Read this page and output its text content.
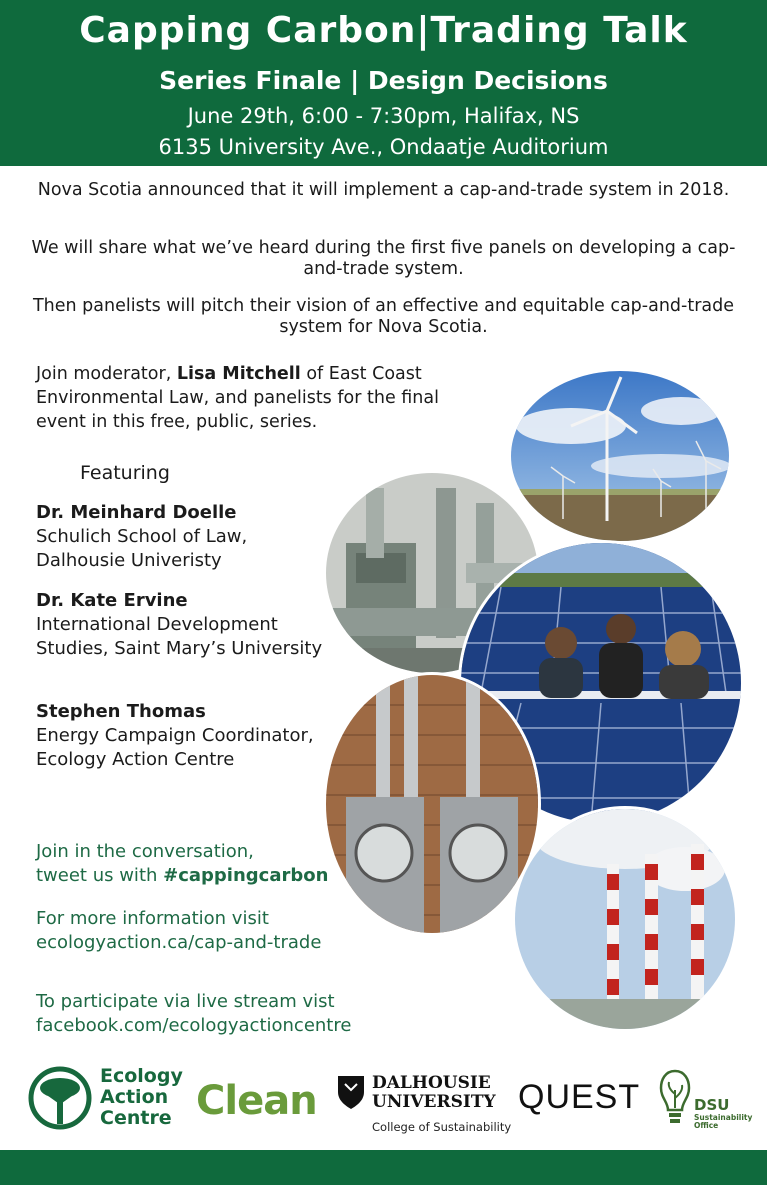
Capping Carbon|Trading Talk
Series Finale | Design Decisions
June 29th, 6:00 - 7:30pm, Halifax, NS
6135 University Ave., Ondaatje Auditorium
Nova Scotia announced that it will implement a cap-and-trade system in 2018.
We will share what we’ve heard during the first five panels on developing a cap-and-trade system.
Then panelists will pitch their vision of an effective and equitable cap-and-trade system for Nova Scotia.
Join moderator, Lisa Mitchell of East Coast Environmental Law, and panelists for the final event in this free, public, series.
Featuring
Dr. Meinhard Doelle
Schulich School of Law, Dalhousie Univeristy
Dr. Kate Ervine
International Development Studies, Saint Mary’s University
Stephen Thomas
Energy Campaign Coordinator, Ecology Action Centre
Join in the conversation,
tweet us with #cappingcarbon
For more information visit
ecologyaction.ca/cap-and-trade
To participate via live stream vist
facebook.com/ecologyactioncentre
Ecology
Action
Centre Clean	DALHOUSIE
UNIVERSITY
College of Sustainability
QUEST	DSU
Sustainability
Office
